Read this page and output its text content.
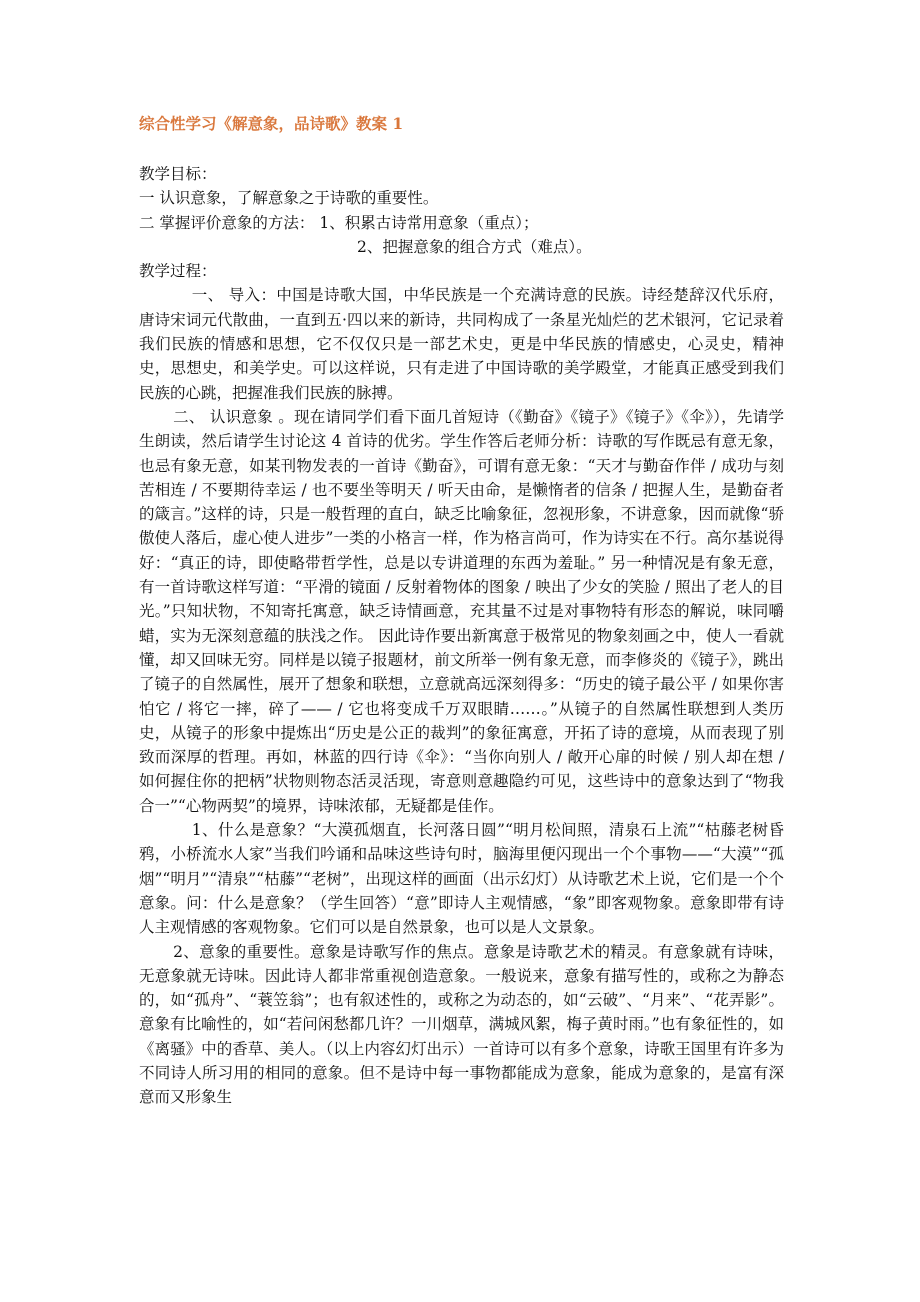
综合性学习《解意象，品诗歌》教案 1

教学目标：

一 认识意象，了解意象之于诗歌的重要性。

二 掌握评价意象的方法： 1、积累古诗常用意象（重点）；

2、把握意象的组合方式（难点）。

教学过程：

一、 导入：中国是诗歌大国，中华民族是一个充满诗意的民族。诗经楚辞汉代乐府，唐诗宋词元代散曲，一直到五·四以来的新诗，共同构成了一条星光灿烂的艺术银河，它记录着我们民族的情感和思想，它不仅仅只是一部艺术史，更是中华民族的情感史，心灵史，精神史，思想史，和美学史。可以这样说，只有走进了中国诗歌的美学殿堂，才能真正感受到我们民族的心跳，把握准我们民族的脉搏。

二、 认识意象 。现在请同学们看下面几首短诗（《勤奋》《镜子》《镜子》《伞》），先请学生朗读，然后请学生讨论这 4 首诗的优劣。学生作答后老师分析：诗歌的写作既忌有意无象，也忌有象无意，如某刊物发表的一首诗《勤奋》，可谓有意无象：“天才与勤奋作伴 / 成功与刻苦相连 / 不要期待幸运 / 也不要坐等明天 / 听天由命，是懒惰者的信条 / 把握人生，是勤奋者的箴言。”这样的诗，只是一般哲理的直白，缺乏比喻象征，忽视形象，不讲意象，因而就像“骄傲使人落后，虚心使人进步”一类的小格言一样，作为格言尚可，作为诗实在不行。高尔基说得好：“真正的诗，即使略带哲学性，总是以专讲道理的东西为羞耻。” 另一种情况是有象无意，有一首诗歌这样写道：“平滑的镜面 / 反射着物体的图象 / 映出了少女的笑脸 / 照出了老人的目光。”只知状物，不知寄托寓意，缺乏诗情画意，充其量不过是对事物特有形态的解说，味同嚼蜡，实为无深刻意蕴的肤浅之作。 因此诗作要出新寓意于极常见的物象刻画之中，使人一看就懂，却又回味无穷。同样是以镜子报题材，前文所举一例有象无意，而李修炎的《镜子》，跳出了镜子的自然属性，展开了想象和联想，立意就高远深刻得多：“历史的镜子最公平 / 如果你害怕它 / 将它一摔，碎了—— / 它也将变成千万双眼睛……。”从镜子的自然属性联想到人类历史，从镜子的形象中提炼出“历史是公正的裁判”的象征寓意，开拓了诗的意境，从而表现了别致而深厚的哲理。再如，林蓝的四行诗《伞》：“当你向别人 / 敞开心扉的时候 / 别人却在想 / 如何握住你的把柄”状物则物态活灵活现，寄意则意趣隐约可见，这些诗中的意象达到了“物我合一”“心物两契”的境界，诗味浓郁，无疑都是佳作。

1、什么是意象？“大漠孤烟直，长河落日圆”“明月松间照，清泉石上流”“枯藤老树昏鸦，小桥流水人家”当我们吟诵和品味这些诗句时，脑海里便闪现出一个个事物——“大漠”“孤烟”“明月”“清泉”“枯藤”“老树”，出现这样的画面（出示幻灯）从诗歌艺术上说，它们是一个个意象。问：什么是意象？（学生回答）“意”即诗人主观情感，“象”即客观物象。意象即带有诗人主观情感的客观物象。它们可以是自然景象，也可以是人文景象。

2、意象的重要性。意象是诗歌写作的焦点。意象是诗歌艺术的精灵。有意象就有诗味，无意象就无诗味。因此诗人都非常重视创造意象。一般说来，意象有描写性的，或称之为静态的，如“孤舟”、“蓑笠翁”；也有叙述性的，或称之为动态的，如“云破”、“月来”、“花弄影”。意象有比喻性的，如“若问闲愁都几许？一川烟草，满城风絮，梅子黄时雨。”也有象征性的，如《离骚》中的香草、美人。（以上内容幻灯出示）一首诗可以有多个意象，诗歌王国里有许多为不同诗人所习用的相同的意象。但不是诗中每一事物都能成为意象，能成为意象的，是富有深意而又形象生
